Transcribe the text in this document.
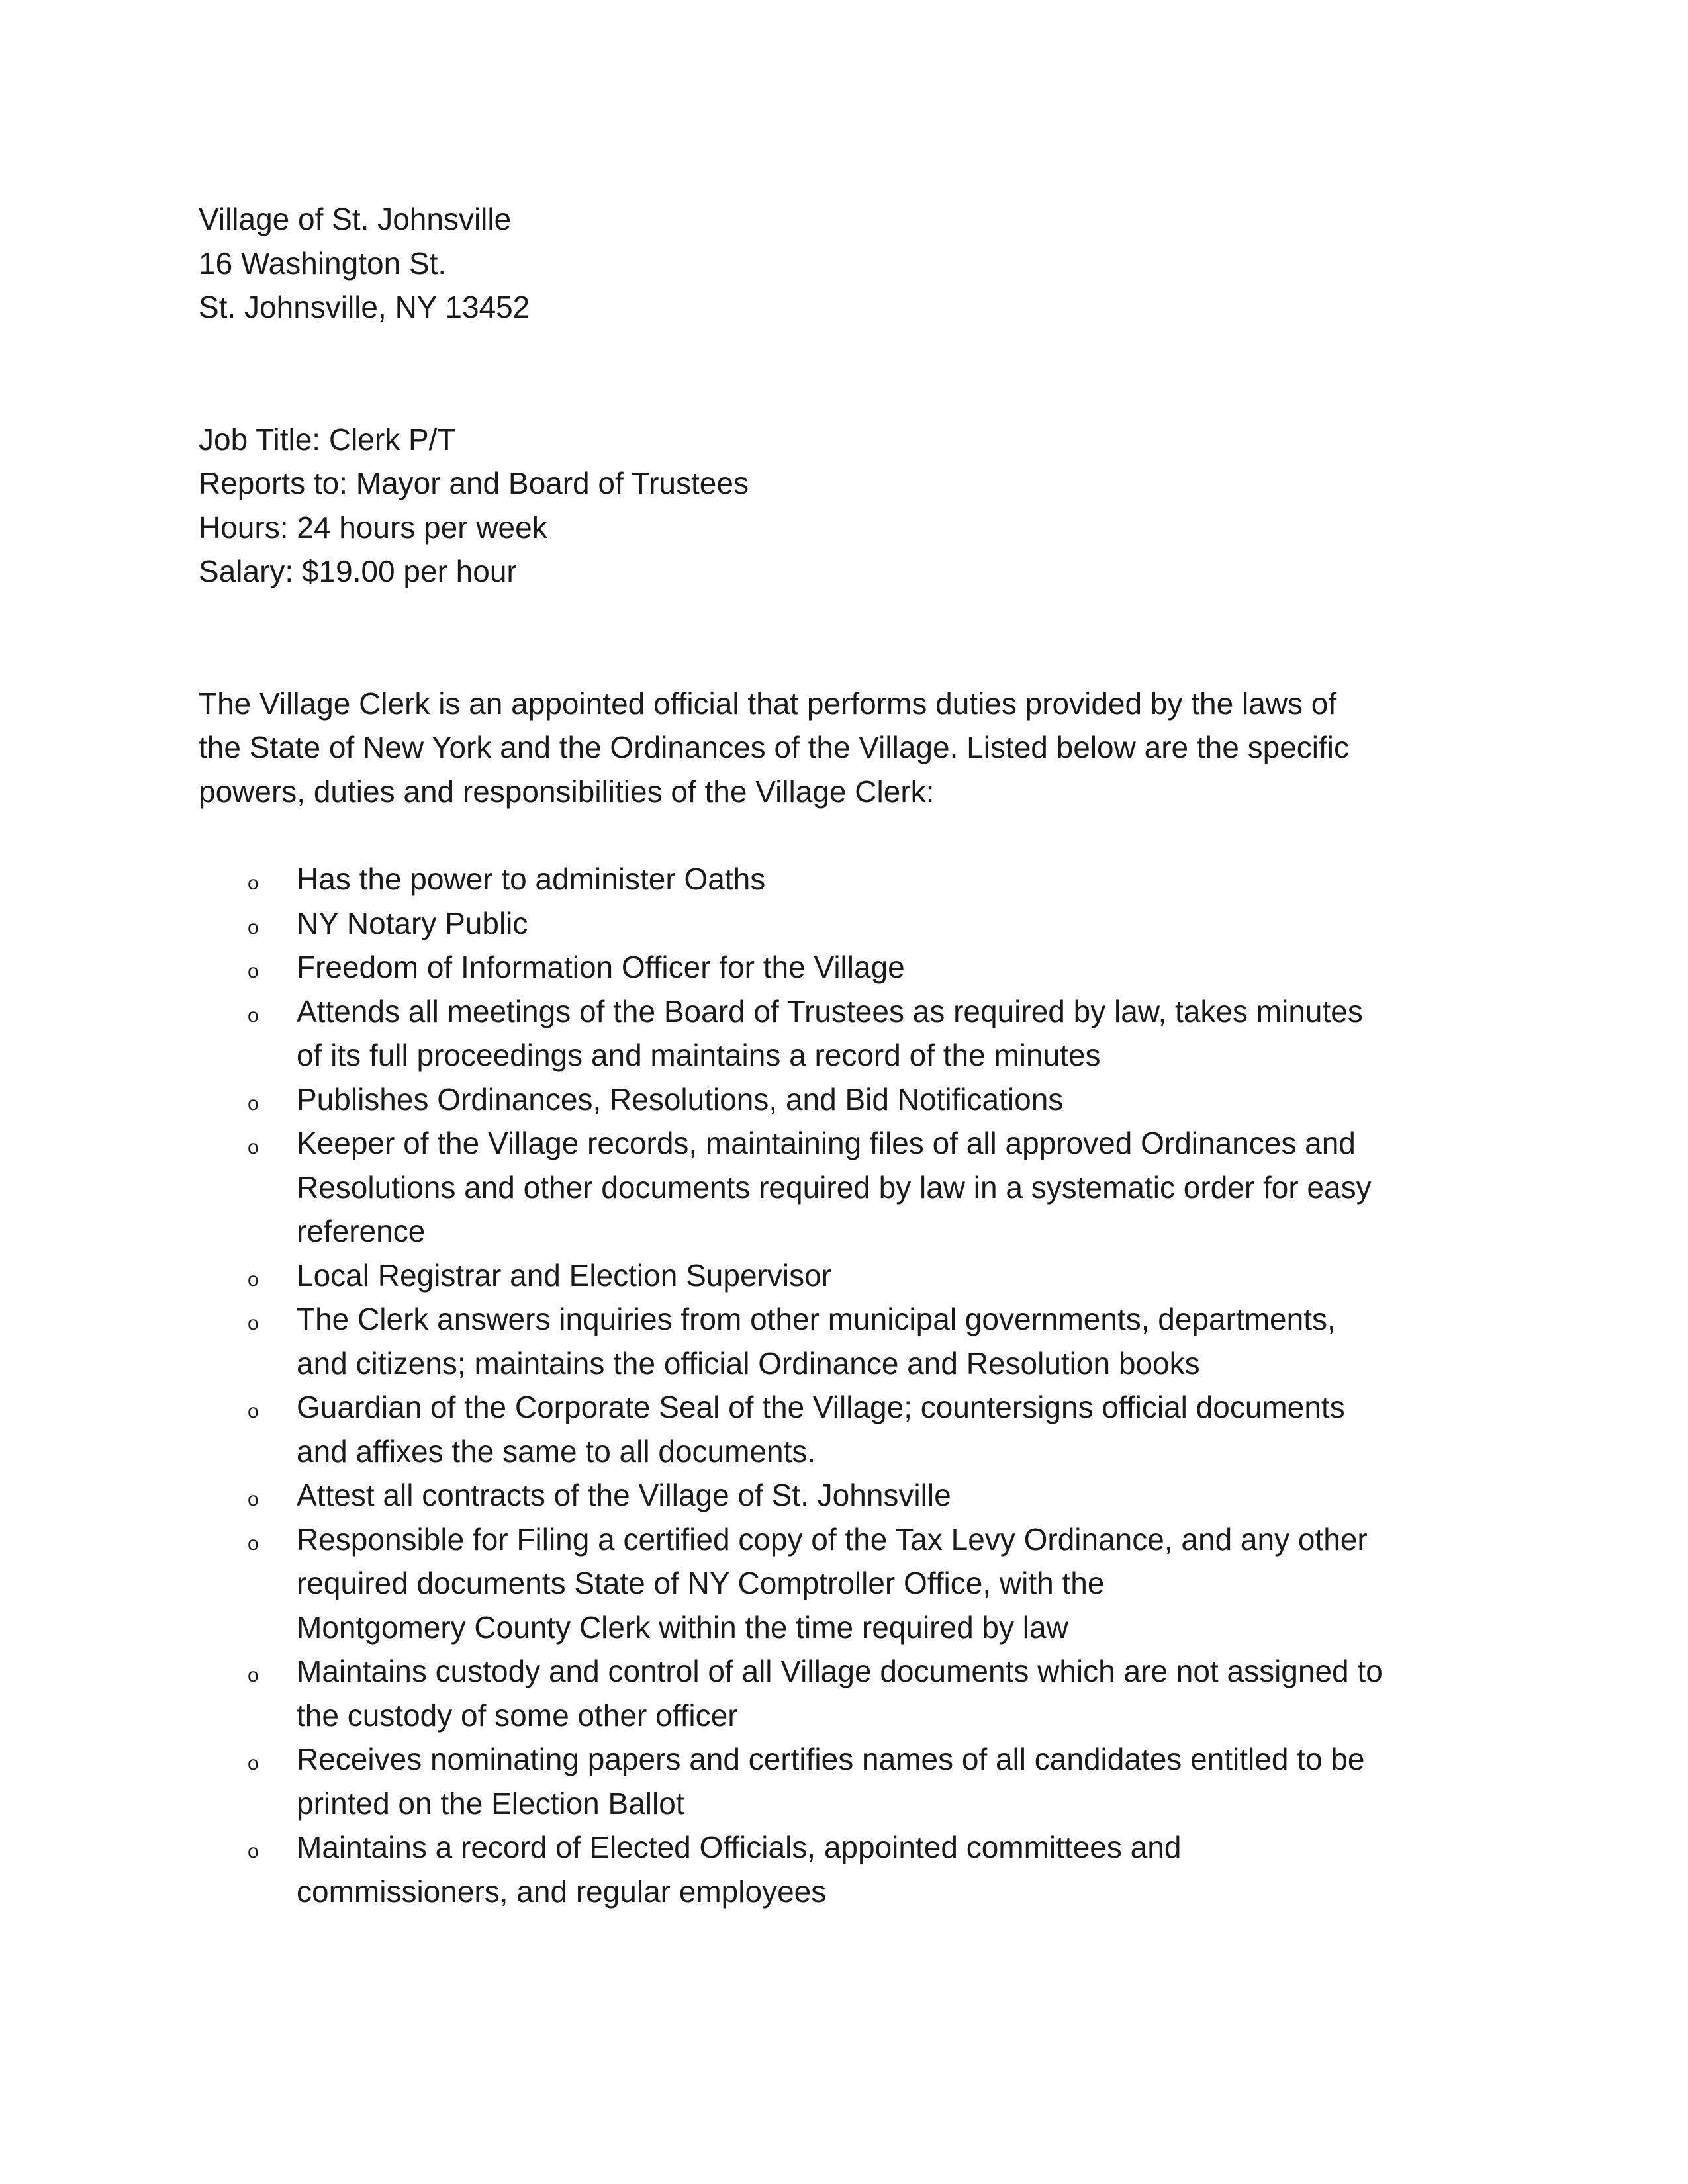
Village of St. Johnsville
16 Washington St.
St. Johnsville, NY 13452
Job Title: Clerk P/T
Reports to: Mayor and Board of Trustees
Hours: 24 hours per week
Salary: $19.00 per hour
The Village Clerk is an appointed official that performs duties provided by the laws of
the State of New York and the Ordinances of the Village. Listed below are the specific
powers, duties and responsibilities of the Village Clerk:
o Has the power to administer Oaths
o NY Notary Public
o Freedom of Information Officer for the Village
o Attends all meetings of the Board of Trustees as required by law, takes minutes
of its full proceedings and maintains a record of the minutes
o Publishes Ordinances, Resolutions, and Bid Notifications
o Keeper of the Village records, maintaining files of all approved Ordinances and
Resolutions and other documents required by law in a systematic order for easy
reference
o Local Registrar and Election Supervisor
o The Clerk answers inquiries from other municipal governments, departments,
and citizens; maintains the official Ordinance and Resolution books
o Guardian of the Corporate Seal of the Village; countersigns official documents
and affixes the same to all documents.
o Attest all contracts of the Village of St. Johnsville
o Responsible for Filing a certified copy of the Tax Levy Ordinance, and any other
required documents State of NY Comptroller Office, with the
Montgomery County Clerk within the time required by law
o Maintains custody and control of all Village documents which are not assigned to
the custody of some other officer
o Receives nominating papers and certifies names of all candidates entitled to be
printed on the Election Ballot
o Maintains a record of Elected Officials, appointed committees and
commissioners, and regular employees
